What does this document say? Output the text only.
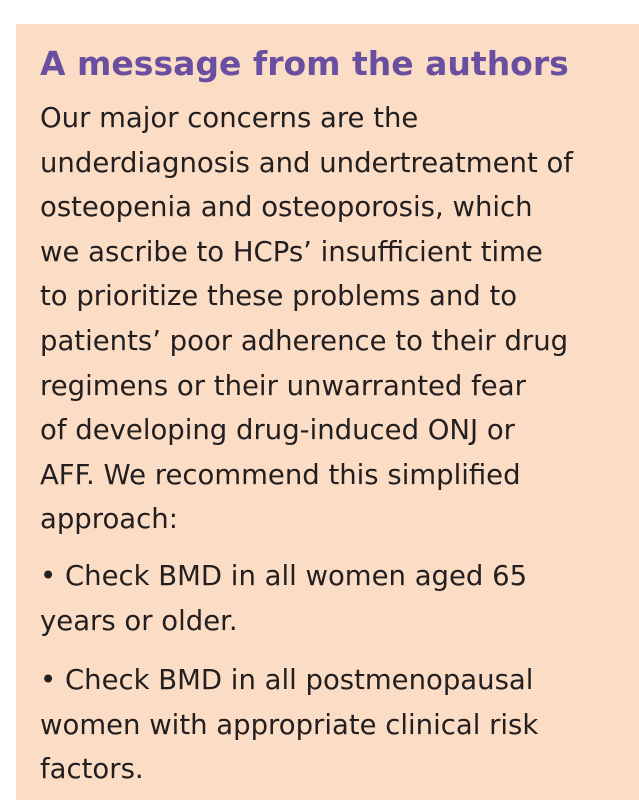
A message from the authors
Our major concerns are the
underdiagnosis and undertreatment of
osteopenia and osteoporosis, which
we ascribe to HCPs’ insufficient time
to prioritize these problems and to
patients’ poor adherence to their drug
regimens or their unwarranted fear
of developing drug-induced ONJ or
AFF. We recommend this simplified
approach:
• Check BMD in all women aged 65
years or older.
• Check BMD in all postmenopausal
women with appropriate clinical risk
factors.
